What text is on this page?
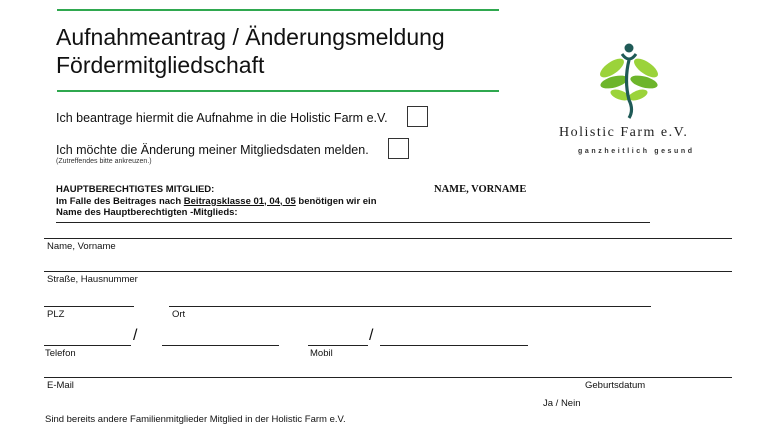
Aufnahmeantrag / Änderungsmeldung
Fördermitgliedschaft
Ich beantrage hiermit die Aufnahme in die Holistic Farm e.V.
Ich möchte die Änderung meiner Mitgliedsdaten melden.
(Zutreffendes bitte ankreuzen.)
Holistic Farm e.V.
ganzheitlich gesund
HAUPTBERECHTIGTES MITGLIED:
Im Falle des Beitrages nach Beitragsklasse 01, 04, 05 benötigen wir ein
Name des Hauptberechtigten -Mitglieds:
NAME, VORNAME
Name, Vorname
Straße, Hausnummer
PLZ	Ort
/	/
Telefon	Mobil
E-Mail	Geburtsdatum
Ja / Nein
Sind bereits andere Familienmitglieder Mitglied in der Holistic Farm e.V.
